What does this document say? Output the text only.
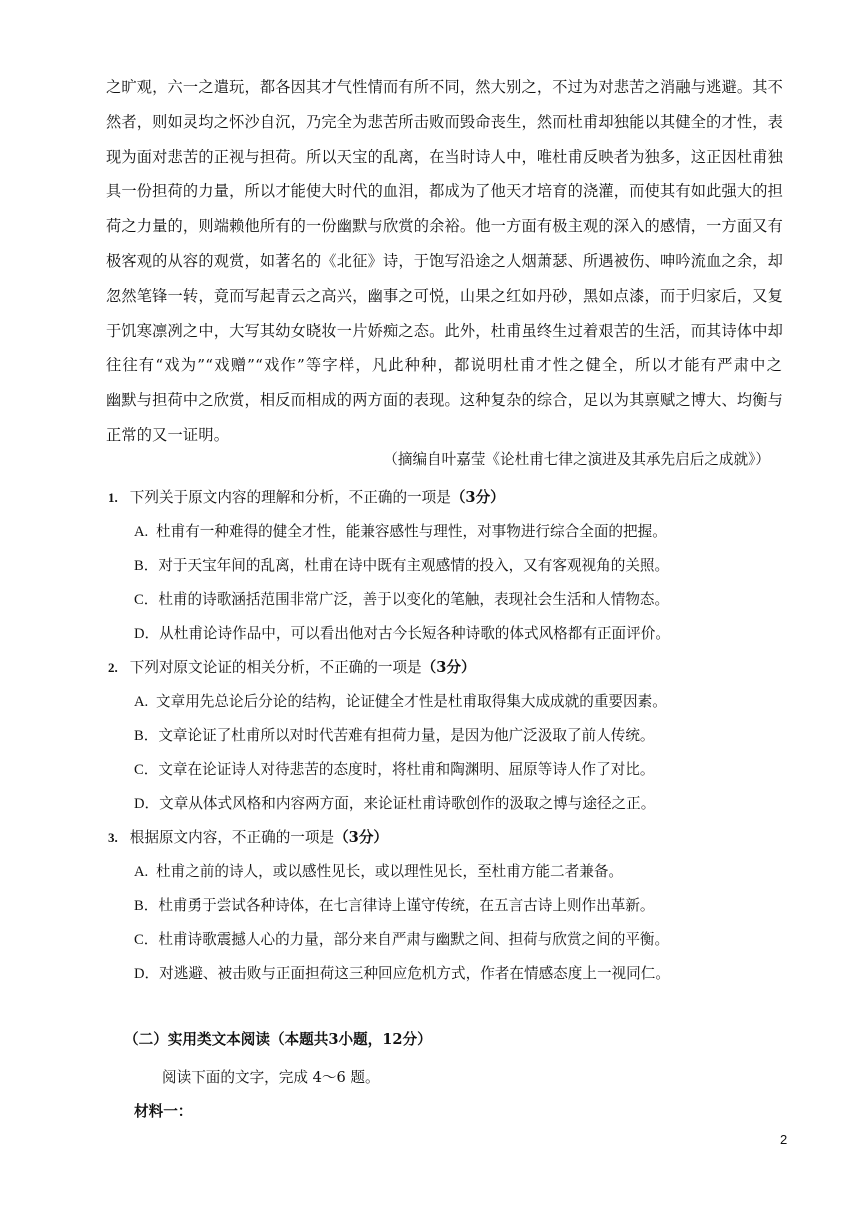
之旷观，六一之遣玩，都各因其才气性情而有所不同，然大别之，不过为对悲苦之消融与逃避。其不
然者，则如灵均之怀沙自沉，乃完全为悲苦所击败而毁命丧生，然而杜甫却独能以其健全的才性，表
现为面对悲苦的正视与担荷。所以天宝的乱离，在当时诗人中，唯杜甫反映者为独多，这正因杜甫独
具一份担荷的力量，所以才能使大时代的血泪，都成为了他天才培育的浇灌，而使其有如此强大的担
荷之力量的，则端赖他所有的一份幽默与欣赏的余裕。他一方面有极主观的深入的感情，一方面又有
极客观的从容的观赏，如著名的《北征》诗，于饱写沿途之人烟萧瑟、所遇被伤、呻吟流血之余，却
忽然笔锋一转，竟而写起青云之高兴，幽事之可悦，山果之红如丹砂，黑如点漆，而于归家后，又复
于饥寒凛冽之中，大写其幼女晓妆一片娇痴之态。此外，杜甫虽终生过着艰苦的生活，而其诗体中却
往往有“戏为”“戏赠”“戏作”等字样，凡此种种，都说明杜甫才性之健全，所以才能有严肃中之
幽默与担荷中之欣赏，相反而相成的两方面的表现。这种复杂的综合，足以为其禀赋之博大、均衡与
正常的又一证明。
（摘编自叶嘉莹《论杜甫七律之演进及其承先启后之成就》）
1. 下列关于原文内容的理解和分析，不正确的一项是（3分）
A. 杜甫有一种难得的健全才性，能兼容感性与理性，对事物进行综合全面的把握。
B．对于天宝年间的乱离，杜甫在诗中既有主观感情的投入，又有客观视角的关照。
C．杜甫的诗歌涵括范围非常广泛，善于以变化的笔触，表现社会生活和人情物态。
D．从杜甫论诗作品中，可以看出他对古今长短各种诗歌的体式风格都有正面评价。
2. 下列对原文论证的相关分析，不正确的一项是（3分）
A. 文章用先总论后分论的结构，论证健全才性是杜甫取得集大成成就的重要因素。
B．文章论证了杜甫所以对时代苦难有担荷力量，是因为他广泛汲取了前人传统。
C．文章在论证诗人对待悲苦的态度时，将杜甫和陶渊明、屈原等诗人作了对比。
D．文章从体式风格和内容两方面，来论证杜甫诗歌创作的汲取之博与途径之正。
3. 根据原文内容，不正确的一项是（3分）
A. 杜甫之前的诗人，或以感性见长，或以理性见长，至杜甫方能二者兼备。
B．杜甫勇于尝试各种诗体，在七言律诗上谨守传统，在五言古诗上则作出革新。
C．杜甫诗歌震撼人心的力量，部分来自严肃与幽默之间、担荷与欣赏之间的平衡。
D．对逃避、被击败与正面担荷这三种回应危机方式，作者在情感态度上一视同仁。
（二）实用类文本阅读（本题共3小题，12分）
阅读下面的文字，完成 4～6 题。
材料一：
2
